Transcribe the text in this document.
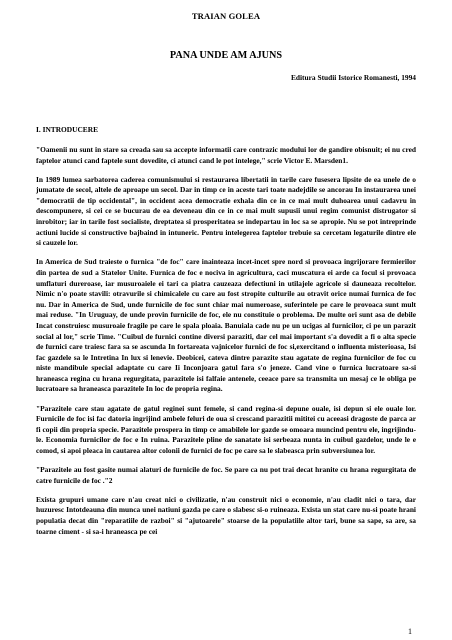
TRAIAN GOLEA
PANA UNDE AM AJUNS
Editura Studii Istorice Romanesti, 1994
I. INTRODUCERE

"Oamenii nu sunt in stare sa creada sau sa accepte informatii care contrazic modului lor de gandire obisnuit; ei nu cred faptelor atunci cand faptele sunt dovedite, ci atunci cand le pot intelege," scrie Victor E. Marsden1.

In 1989 lumea sarbatorea caderea comunismului si restaurarea libertatii in tarile care fusesera lipsite de ea unele de o jumatate de secol, altele de aproape un secol. Dar in timp ce in aceste tari toate nadejdile se ancorau In instaurarea unei "democratii de tip occidental", in occident acea democratie exhala din ce in ce mai mult duhoarea unui cadavru in descompunere, si cei ce se bucurau de ea deveneau din ce in ce mai mult supusii unui regim comunist distrugator si inrobitor; iar in tarile fost socialiste, dreptatea si prosperitatea se indepartau in loc sa se apropie. Nu se pot intreprinde actiuni lucide si constructive bajbaind in intuneric. Pentru intelegerea faptelor trebuie sa cercetam legaturile dintre ele si cauzele lor.

In America de Sud traieste o furnica "de foc" care inainteaza incet-incet spre nord si provoaca ingrijorare fermierilor din partea de sud a Statelor Unite. Furnica de foc e nociva in agricultura, caci muscatura ei arde ca focul si provoaca umflaturi dureroase, iar musuroaiele ei tari ca piatra cauzeaza defectiuni in utilajele agricole si dauneaza recoltelor. Nimic n'o poate stavili: otravurile si chimicalele cu care au fost stropite culturile au otravit orice numai furnica de foc nu. Dar in America de Sud, unde furnicile de foc sunt chiar mai numeroase, suferintele pe care le provoaca sunt mult mai reduse. "In Uruguay, de unde provin furnicile de foc, ele nu constituie o problema. De multe ori sunt asa de debile Incat construiesc musuroaie fragile pe care le spala ploaia. Banuiala cade nu pe un ucigas al furnicilor, ci pe un parazit social al lor," scrie Time. "Cuibul de furnici contine diversi paraziti, dar cel mai important s'a dovedit a fi o alta specie de furnici care traiesc fara sa se ascunda In fortareata vajnicelor furnici de foc si,exercitand o influenta misterioasa, Isi fac gazdele sa le Intretina In lux si lenevie. Deobicei, cateva dintre parazite stau agatate de regina furnicilor de foc cu niste mandibule special adaptate cu care Ii Inconjoara gatul fara s'o jeneze. Cand vine o furnica lucratoare sa-si hraneasca regina cu hrana regurgitata, parazitele isi falfaie antenele, ceeace pare sa transmita un mesaj ce le obliga pe lucratoare sa hraneasca parazitele In loc de propria regina.

"Parazitele care stau agatate de gatul reginei sunt femele, si cand regina-si depune ouale, isi depun si ele ouale lor. Furnicile de foc isi fac datoria ingrijind ambele feluri de oua si crescand parazitii mititei cu aceeasi dragoste de parca ar fi copii din propria specie. Parazitele prospera in timp ce amabilele lor gazde se omoara muncind pentru ele, ingrijindu-le. Economia furnicilor de foc e In ruina. Parazitele pline de sanatate isi serbeaza nunta in cuibul gazdelor, unde le e comod, si apoi pleaca in cautarea altor colonii de furnici de foc pe care sa le slabeasca prin subversiunea lor.

"Parazitele au fost gasite numai alaturi de furnicile de foc. Se pare ca nu pot trai decat hranite cu hrana regurgitata de catre furnicile de foc ."2

Exista grupuri umane care n'au creat nici o civilizatie, n'au construit nici o economie, n'au cladit nici o tara, dar huzuresc Intotdeauna din munca unei natiuni gazda pe care o slabesc si-o ruineaza. Exista un stat care nu-si poate hrani populatia decat din "reparatiile de razboi" si "ajutoarele" stoarse de la populatiile altor tari, bune sa sape, sa are, sa toarne ciment - si sa-i hraneasca pe cei

1
